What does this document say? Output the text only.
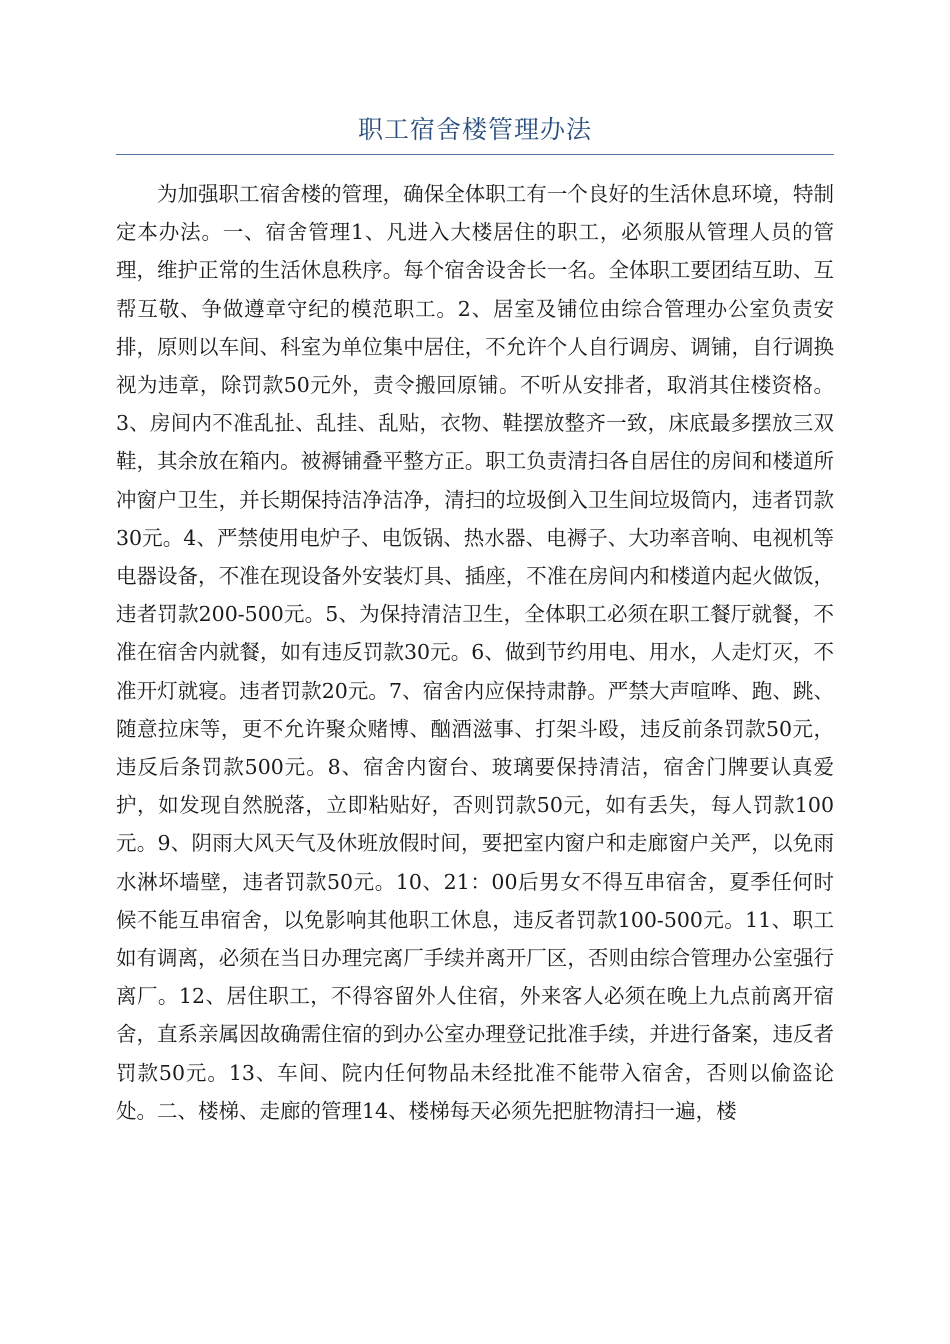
职工宿舍楼管理办法

为加强职工宿舍楼的管理，确保全体职工有一个良好的生活休息环境，特制定本办法。一、宿舍管理1、凡进入大楼居住的职工，必须服从管理人员的管理，维护正常的生活休息秩序。每个宿舍设舍长一名。全体职工要团结互助、互帮互敬、争做遵章守纪的模范职工。2、居室及铺位由综合管理办公室负责安排，原则以车间、科室为单位集中居住，不允许个人自行调房、调铺，自行调换视为违章，除罚款50元外，责令搬回原铺。不听从安排者，取消其住楼资格。3、房间内不准乱扯、乱挂、乱贴，衣物、鞋摆放整齐一致，床底最多摆放三双鞋，其余放在箱内。被褥铺叠平整方正。职工负责清扫各自居住的房间和楼道所冲窗户卫生，并长期保持洁净洁净，清扫的垃圾倒入卫生间垃圾筒内，违者罚款30元。4、严禁使用电炉子、电饭锅、热水器、电褥子、大功率音响、电视机等电器设备，不准在现设备外安装灯具、插座，不准在房间内和楼道内起火做饭，违者罚款200-500元。5、为保持清洁卫生，全体职工必须在职工餐厅就餐，不准在宿舍内就餐，如有违反罚款30元。6、做到节约用电、用水，人走灯灭，不准开灯就寝。违者罚款20元。7、宿舍内应保持肃静。严禁大声喧哗、跑、跳、随意拉床等，更不允许聚众赌博、酗酒滋事、打架斗殴，违反前条罚款50元，违反后条罚款500元。8、宿舍内窗台、玻璃要保持清洁，宿舍门牌要认真爱护，如发现自然脱落，立即粘贴好，否则罚款50元，如有丢失，每人罚款100元。9、阴雨大风天气及休班放假时间，要把室内窗户和走廊窗户关严，以免雨水淋坏墙壁，违者罚款50元。10、21：00后男女不得互串宿舍，夏季任何时候不能互串宿舍，以免影响其他职工休息，违反者罚款100-500元。11、职工如有调离，必须在当日办理完离厂手续并离开厂区，否则由综合管理办公室强行离厂。12、居住职工，不得容留外人住宿，外来客人必须在晚上九点前离开宿舍，直系亲属因故确需住宿的到办公室办理登记批准手续，并进行备案，违反者罚款50元。13、车间、院内任何物品未经批准不能带入宿舍，否则以偷盗论处。二、楼梯、走廊的管理14、楼梯每天必须先把脏物清扫一遍，楼
